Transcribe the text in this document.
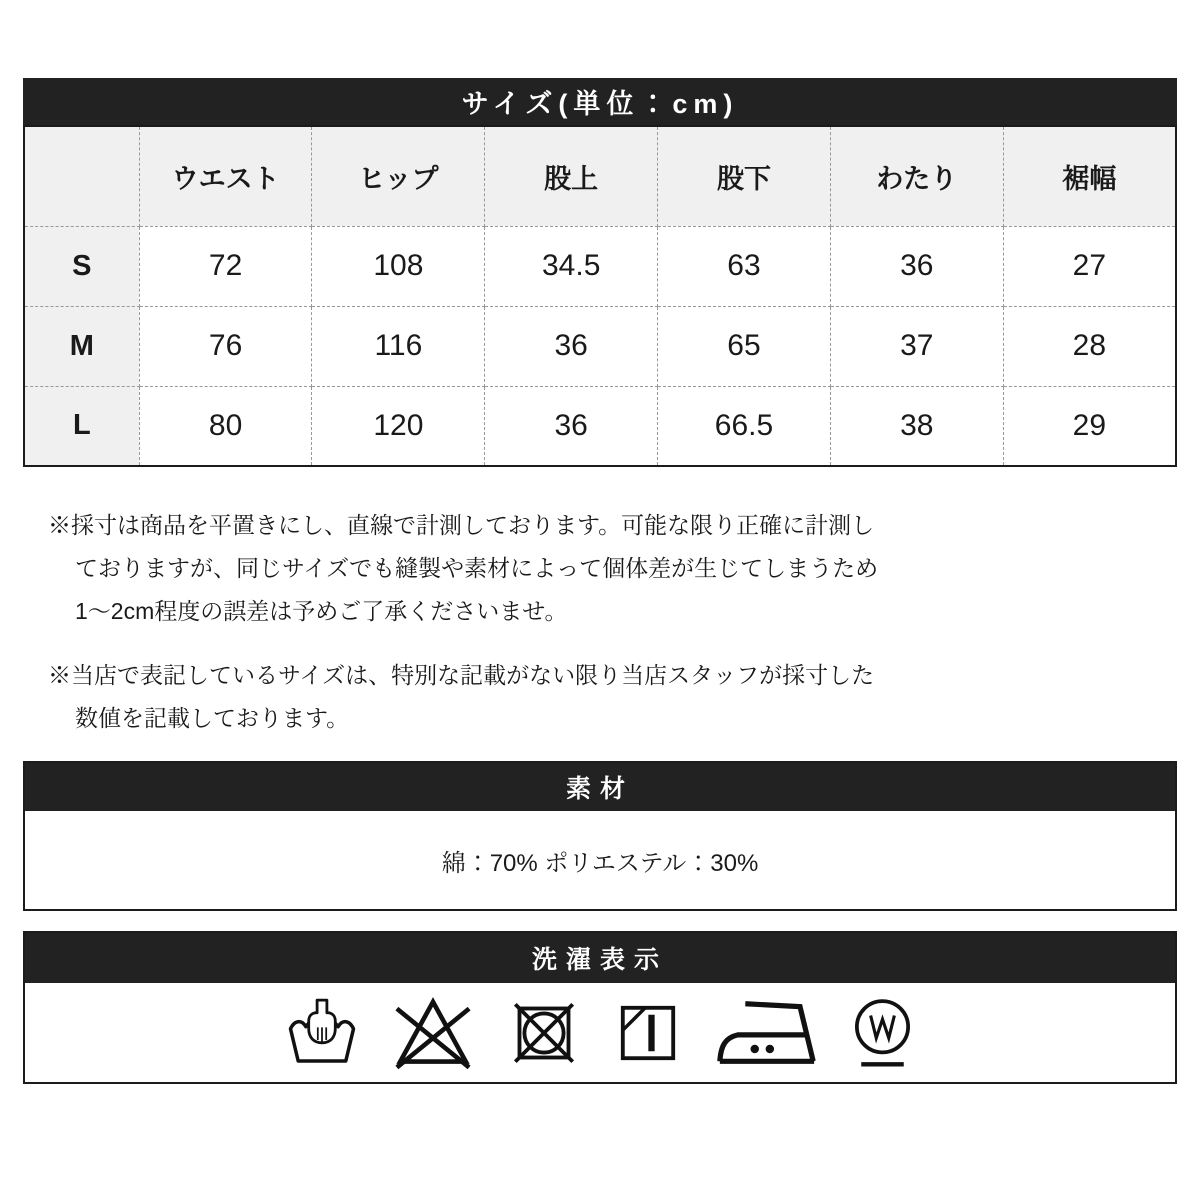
サイズ(単位：cm)
	ウエスト	ヒップ	股上	股下	わたり	裾幅
S	72	108	34.5	63	36	27
M	76	116	36	65	37	28
L	80	120	36	66.5	38	29

※採寸は商品を平置きにし、直線で計測しております。可能な限り正確に計測し
ておりますが、同じサイズでも縫製や素材によって個体差が生じてしまうため
1〜2cm程度の誤差は予めご了承くださいませ。

※当店で表記しているサイズは、特別な記載がない限り当店スタッフが採寸した
数値を記載しております。

素材
綿：70% ポリエステル：30%
洗濯表示
